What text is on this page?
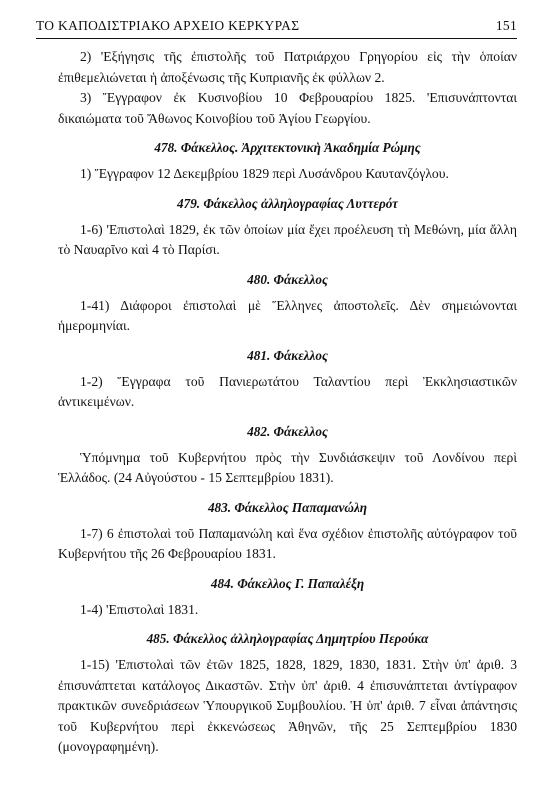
ΤΟ ΚΑΠΟΔΙΣΤΡΙΑΚΟ ΑΡΧΕΙΟ ΚΕΡΚΥΡΑΣ	151

2) 'Εξήγησις τῆς ἐπιστολῆς τοῦ Πατριάρχου Γρηγορίου εἰς τὴν ὁποίαν ἐπιθεμελιώνεται ἡ ἀποξένωσις τῆς Κυπριανῆς ἐκ φύλλων 2.

3) Ἔγγραφον ἐκ Κυσινοβίου 10 Φεβρουαρίου 1825. 'Επισυνάπτονται δικαιώματα τοῦ Ἄθωνος Κοινοβίου τοῦ Ἁγίου Γεωργίου.

478. Φάκελλος. Ἀρχιτεκτονικὴ Ἀκαδημία Ρώμης

1) Ἔγγραφον 12 Δεκεμβρίου 1829 περὶ Λυσάνδρου Καυτανζόγλου.

479. Φάκελλος ἀλληλογραφίας Λυττερότ

1-6) 'Επιστολαὶ 1829, ἐκ τῶν ὁποίων μία ἔχει προέλευση τὴ Μεθώνη, μία ἄλλη τὸ Ναυαρῖνο καὶ 4 τὸ Παρίσι.

480. Φάκελλος

1-41) Διάφοροι ἐπιστολαὶ μὲ Ἕλληνες ἀποστολεῖς. Δὲν σημειώνονται ἡμερομηνίαι.

481. Φάκελλος

1-2) Ἔγγραφα τοῦ Πανιερωτάτου Ταλαντίου περὶ Ἐκκλησιαστικῶν ἀντικειμένων.

482. Φάκελλος

Ὑπόμνημα τοῦ Κυβερνήτου πρὸς τὴν Συνδιάσκεψιν τοῦ Λονδίνου περὶ Ἑλλάδος. (24 Αὐγούστου - 15 Σεπτεμβρίου 1831).

483. Φάκελλος Παπαμανώλη

1-7) 6 ἐπιστολαὶ τοῦ Παπαμανώλη καὶ ἕνα σχέδιον ἐπιστολῆς αὐτόγραφον τοῦ Κυβερνήτου τῆς 26 Φεβρουαρίου 1831.

484. Φάκελλος Γ. Παπαλέξη

1-4) 'Επιστολαὶ 1831.

485. Φάκελλος ἀλληλογραφίας Δημητρίου Περούκα

1-15) 'Επιστολαὶ τῶν ἐτῶν 1825, 1828, 1829, 1830, 1831. Στὴν ὑπ' ἀριθ. 3 ἐπισυνάπτεται κατάλογος Δικαστῶν. Στὴν ὑπ' ἀριθ. 4 ἐπισυνάπτεται ἀντίγραφον πρακτικῶν συνεδριάσεων Ὑπουργικοῦ Συμβουλίου. Ἡ ὑπ' ἀριθ. 7 εἶναι ἀπάντησις τοῦ Κυβερνήτου περὶ ἐκκενώσεως Ἀθηνῶν, τῆς 25 Σεπτεμβρίου 1830 (μονογραφημένη).
